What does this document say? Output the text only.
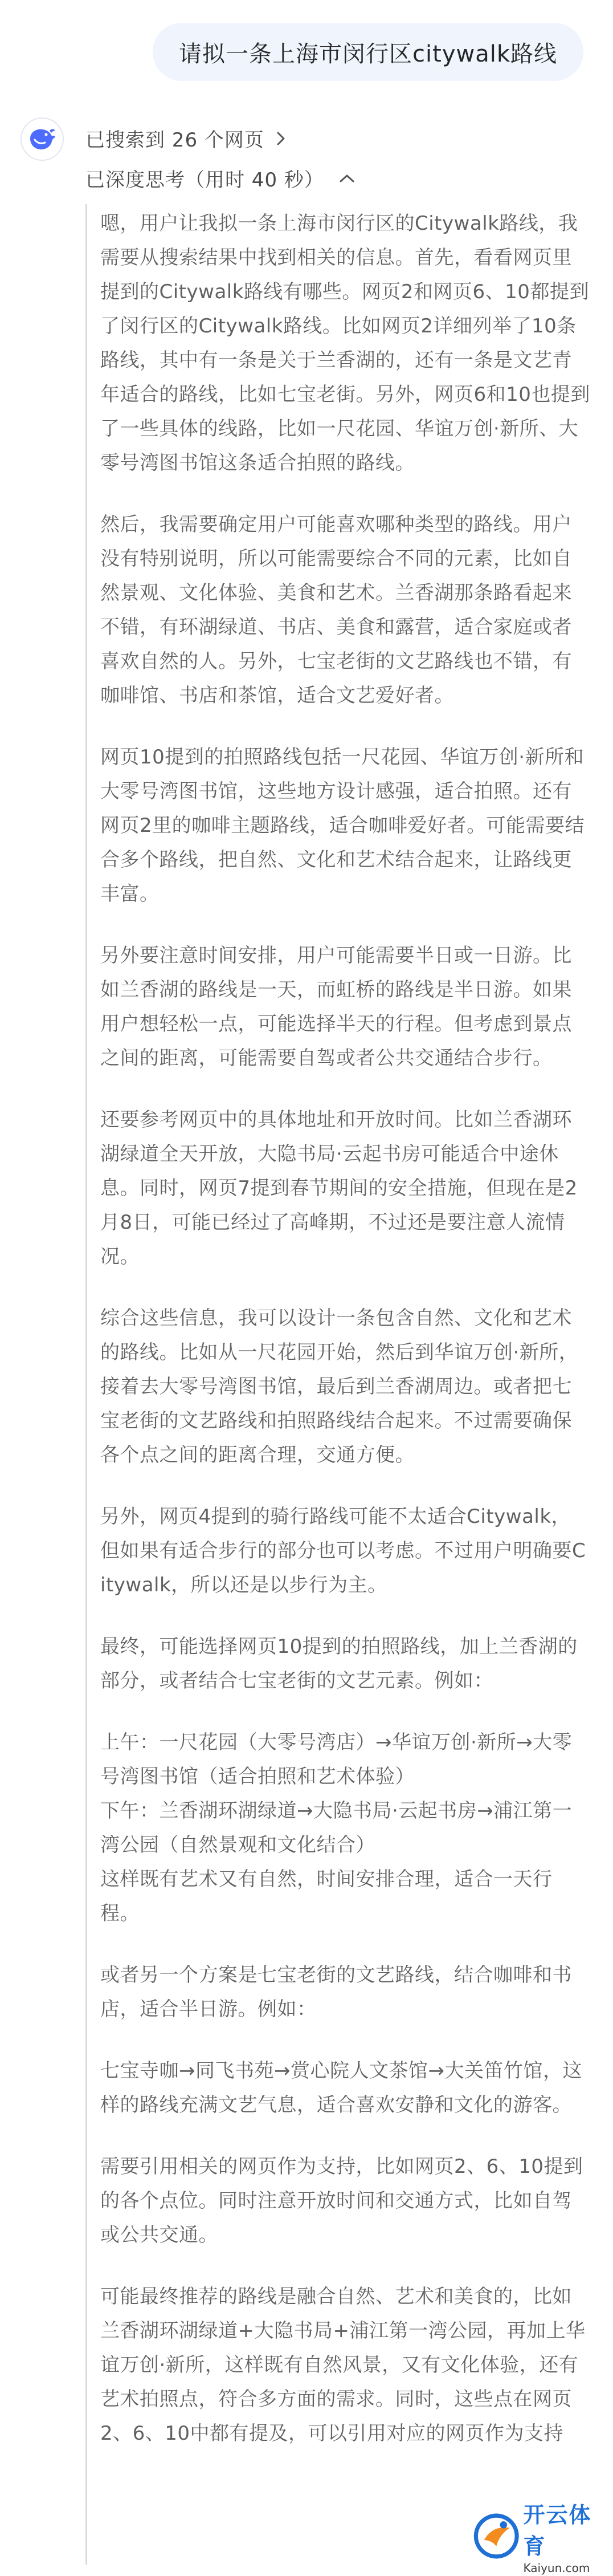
请拟一条上海市闵行区citywalk路线
已搜索到 26 个网页
已深度思考（用时 40 秒）

嗯，用户让我拟一条上海市闵行区的Citywalk路线，我需要从搜索结果中找到相关的信息。首先，看看网页里提到的Citywalk路线有哪些。网页2和网页6、10都提到了闵行区的Citywalk路线。比如网页2详细列举了10条路线，其中有一条是关于兰香湖的，还有一条是文艺青年适合的路线，比如七宝老街。另外，网页6和10也提到了一些具体的线路，比如一尺花园、华谊万创·新所、大零号湾图书馆这条适合拍照的路线。

然后，我需要确定用户可能喜欢哪种类型的路线。用户没有特别说明，所以可能需要综合不同的元素，比如自然景观、文化体验、美食和艺术。兰香湖那条路看起来不错，有环湖绿道、书店、美食和露营，适合家庭或者喜欢自然的人。另外，七宝老街的文艺路线也不错，有咖啡馆、书店和茶馆，适合文艺爱好者。

网页10提到的拍照路线包括一尺花园、华谊万创·新所和大零号湾图书馆，这些地方设计感强，适合拍照。还有网页2里的咖啡主题路线，适合咖啡爱好者。可能需要结合多个路线，把自然、文化和艺术结合起来，让路线更丰富。

另外要注意时间安排，用户可能需要半日或一日游。比如兰香湖的路线是一天，而虹桥的路线是半日游。如果用户想轻松一点，可能选择半天的行程。但考虑到景点之间的距离，可能需要自驾或者公共交通结合步行。

还要参考网页中的具体地址和开放时间。比如兰香湖环湖绿道全天开放，大隐书局·云起书房可能适合中途休息。同时，网页7提到春节期间的安全措施，但现在是2月8日，可能已经过了高峰期，不过还是要注意人流情况。

综合这些信息，我可以设计一条包含自然、文化和艺术的路线。比如从一尺花园开始，然后到华谊万创·新所，接着去大零号湾图书馆，最后到兰香湖周边。或者把七宝老街的文艺路线和拍照路线结合起来。不过需要确保各个点之间的距离合理，交通方便。

另外，网页4提到的骑行路线可能不太适合Citywalk，但如果有适合步行的部分也可以考虑。不过用户明确要Citywalk，所以还是以步行为主。

最终，可能选择网页10提到的拍照路线，加上兰香湖的部分，或者结合七宝老街的文艺元素。例如：

上午：一尺花园（大零号湾店）→华谊万创·新所→大零号湾图书馆（适合拍照和艺术体验）
下午：兰香湖环湖绿道→大隐书局·云起书房→浦江第一湾公园（自然景观和文化结合）
这样既有艺术又有自然，时间安排合理，适合一天行程。

或者另一个方案是七宝老街的文艺路线，结合咖啡和书店，适合半日游。例如：

七宝寺咖→同飞书苑→赏心院人文茶馆→大关笛竹馆，这样的路线充满文艺气息，适合喜欢安静和文化的游客。

需要引用相关的网页作为支持，比如网页2、6、10提到的各个点位。同时注意开放时间和交通方式，比如自驾或公共交通。

可能最终推荐的路线是融合自然、艺术和美食的，比如兰香湖环湖绿道+大隐书局+浦江第一湾公园，再加上华谊万创·新所，这样既有自然风景，又有文化体验，还有艺术拍照点，符合多方面的需求。同时，这些点在网页2、6、10中都有提及，可以引用对应的网页作为支持

开云体育
Kaiyun.com
